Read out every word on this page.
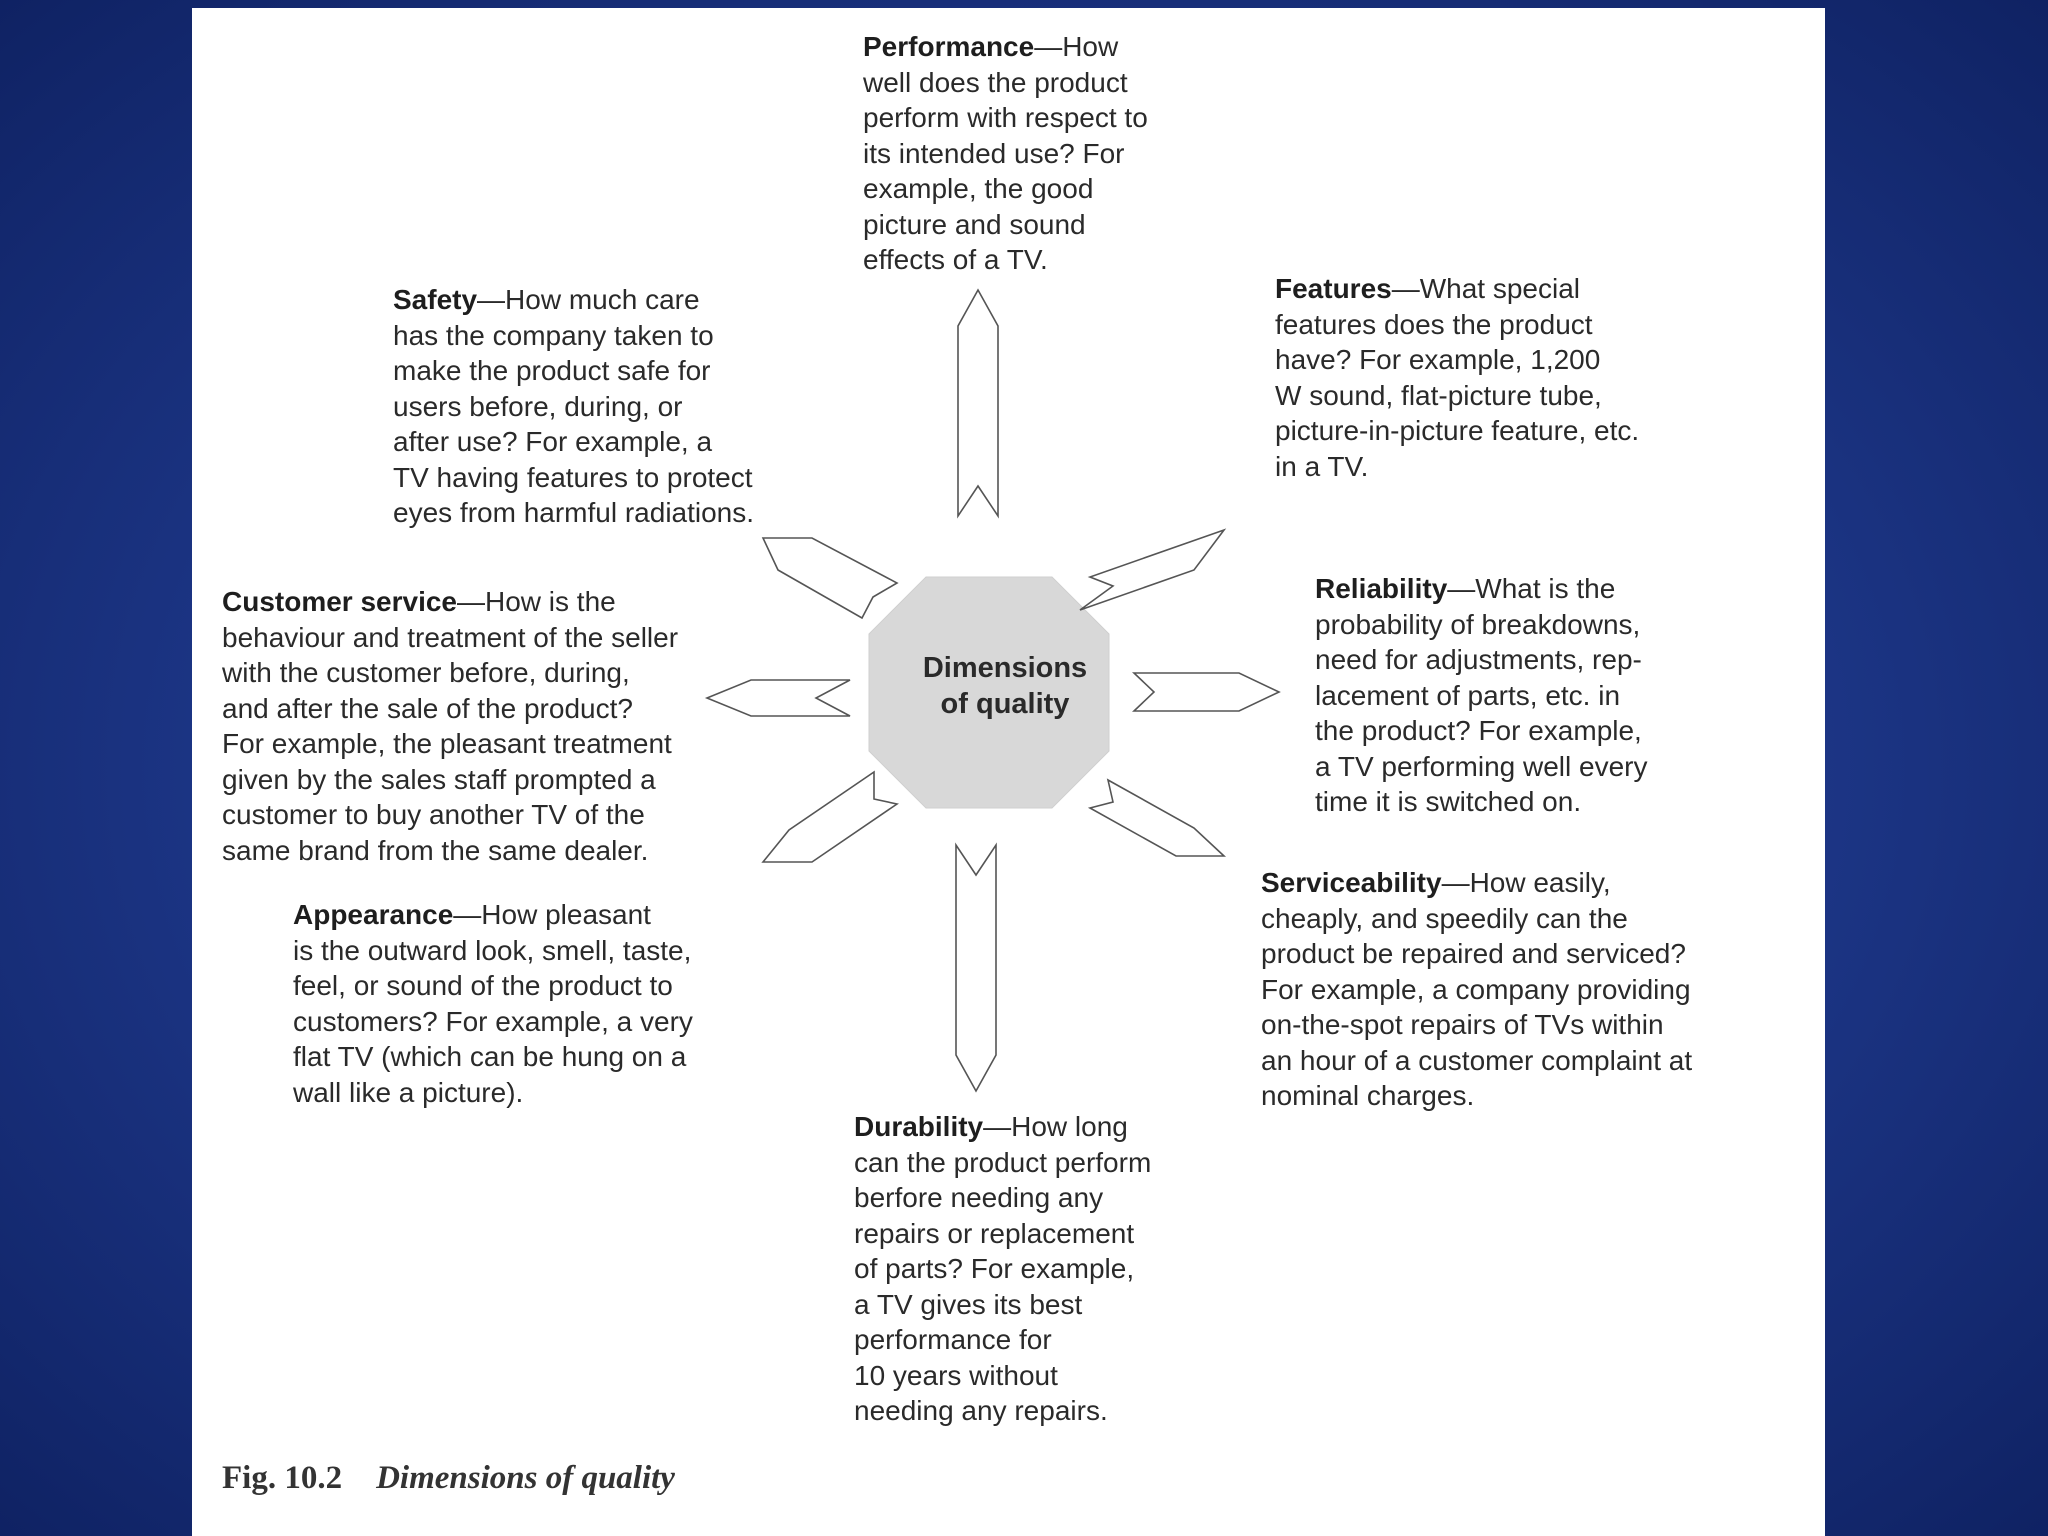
Dimensions
of quality

Performance—How
well does the product
perform with respect to
its intended use? For
example, the good
picture and sound
effects of a TV.

Features—What special
features does the product
have? For example, 1,200
W sound, flat-picture tube,
picture-in-picture feature, etc.
in a TV.

Reliability—What is the
probability of breakdowns,
need for adjustments, rep-
lacement of parts, etc. in
the product? For example,
a TV performing well every
time it is switched on.

Serviceability—How easily,
cheaply, and speedily can the
product be repaired and serviced?
For example, a company providing
on-the-spot repairs of TVs within
an hour of a customer complaint at
nominal charges.

Durability—How long
can the product perform
berfore needing any
repairs or replacement
of parts? For example,
a TV gives its best
performance for
10 years without
needing any repairs.

Appearance—How pleasant
is the outward look, smell, taste,
feel, or sound of the product to
customers? For example, a very
flat TV (which can be hung on a
wall like a picture).

Customer service—How is the
behaviour and treatment of the seller
with the customer before, during,
and after the sale of the product?
For example, the pleasant treatment
given by the sales staff prompted a
customer to buy another TV of the
same brand from the same dealer.

Safety—How much care
has the company taken to
make the product safe for
users before, during, or
after use? For example, a
TV having features to protect
eyes from harmful radiations.

Fig. 10.2 Dimensions of quality
